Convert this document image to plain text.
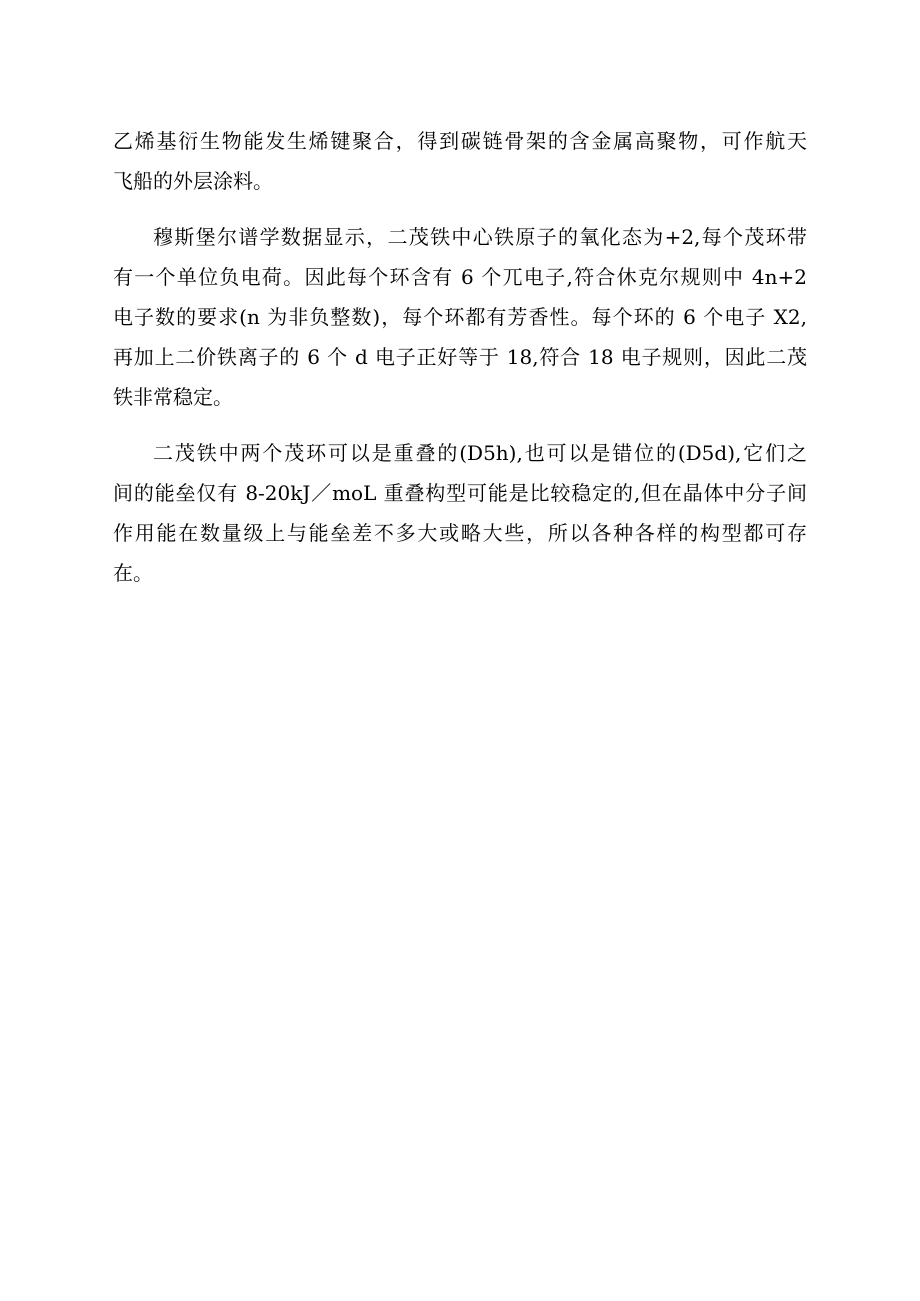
乙烯基衍生物能发生烯键聚合，得到碳链骨架的含金属高聚物，可作航天
飞船的外层涂料。
穆斯堡尔谱学数据显示，二茂铁中心铁原子的氧化态为+2,每个茂环带
有一个单位负电荷。因此每个环含有 6 个兀电子,符合休克尔规则中 4n+2
电子数的要求(n 为非负整数)，每个环都有芳香性。每个环的 6 个电子 X2,
再加上二价铁离子的 6 个 d 电子正好等于 18,符合 18 电子规则，因此二茂
铁非常稳定。
二茂铁中两个茂环可以是重叠的(D5h),也可以是错位的(D5d),它们之
间的能垒仅有 8-20kJ／moL 重叠构型可能是比较稳定的,但在晶体中分子间
作用能在数量级上与能垒差不多大或略大些，所以各种各样的构型都可存
在。
